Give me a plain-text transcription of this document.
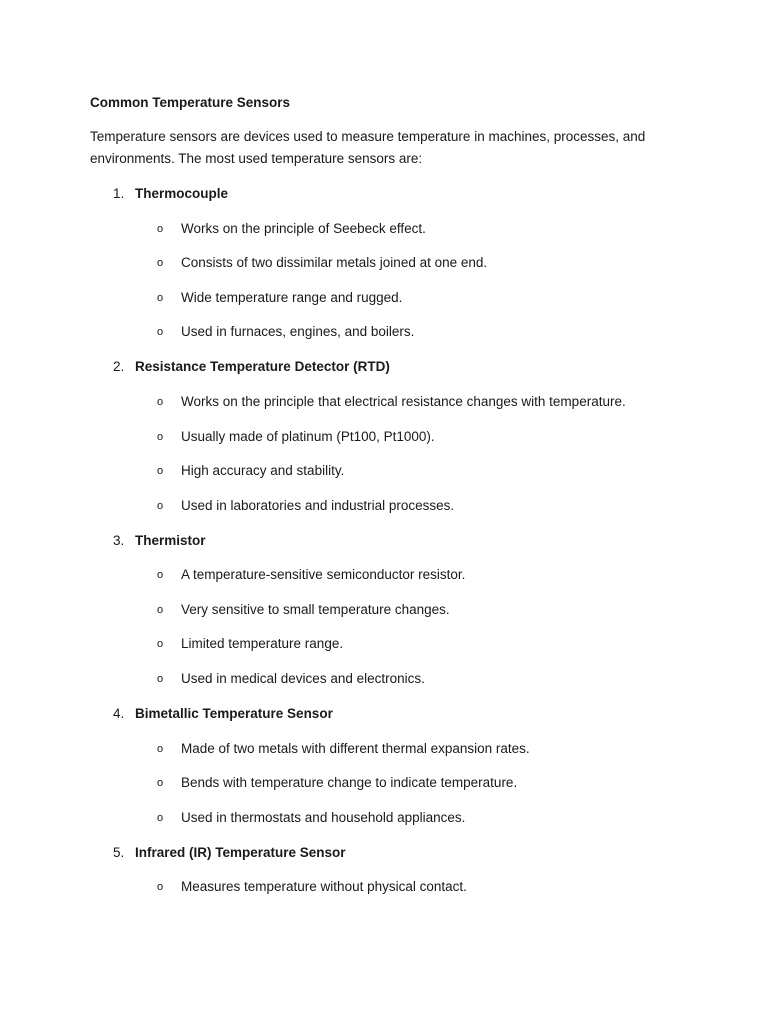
Common Temperature Sensors
Temperature sensors are devices used to measure temperature in machines, processes, and
environments. The most used temperature sensors are:
1. Thermocouple
o Works on the principle of Seebeck effect.
o Consists of two dissimilar metals joined at one end.
o Wide temperature range and rugged.
o Used in furnaces, engines, and boilers.
2. Resistance Temperature Detector (RTD)
o Works on the principle that electrical resistance changes with temperature.
o Usually made of platinum (Pt100, Pt1000).
o High accuracy and stability.
o Used in laboratories and industrial processes.
3. Thermistor
o A temperature-sensitive semiconductor resistor.
o Very sensitive to small temperature changes.
o Limited temperature range.
o Used in medical devices and electronics.
4. Bimetallic Temperature Sensor
o Made of two metals with different thermal expansion rates.
o Bends with temperature change to indicate temperature.
o Used in thermostats and household appliances.
5. Infrared (IR) Temperature Sensor
o Measures temperature without physical contact.
